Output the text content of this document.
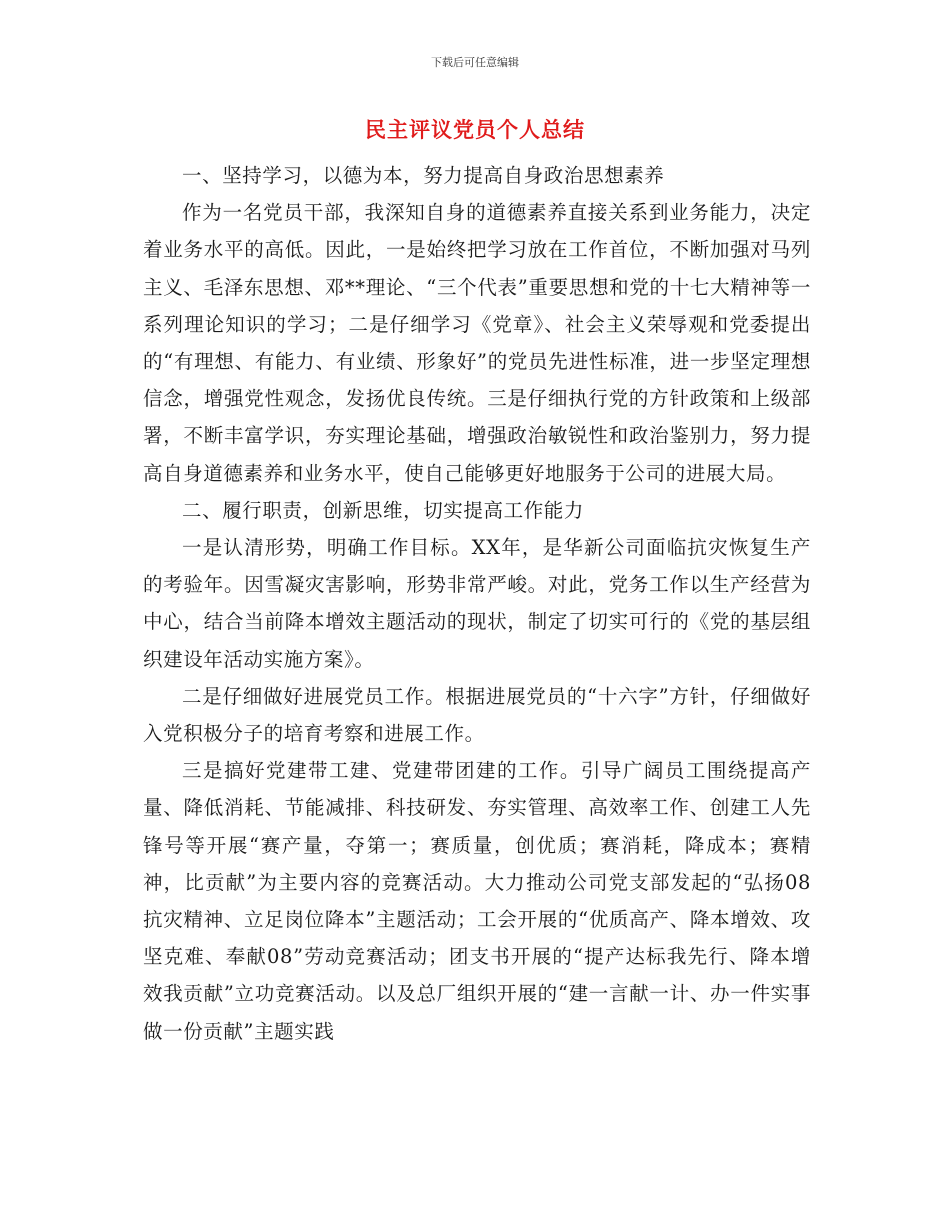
下载后可任意编辑
民主评议党员个人总结

一、坚持学习，以德为本，努力提高自身政治思想素养

作为一名党员干部，我深知自身的道德素养直接关系到业务能力，决定着业务水平的高低。因此，一是始终把学习放在工作首位，不断加强对马列主义、毛泽东思想、邓**理论、“三个代表”重要思想和党的十七大精神等一系列理论知识的学习；二是仔细学习《党章》、社会主义荣辱观和党委提出的“有理想、有能力、有业绩、形象好”的党员先进性标准，进一步坚定理想信念，增强党性观念，发扬优良传统。三是仔细执行党的方针政策和上级部署，不断丰富学识，夯实理论基础，增强政治敏锐性和政治鉴别力，努力提高自身道德素养和业务水平，使自己能够更好地服务于公司的进展大局。

二、履行职责，创新思维，切实提高工作能力

一是认清形势，明确工作目标。XX年，是华新公司面临抗灾恢复生产的考验年。因雪凝灾害影响，形势非常严峻。对此，党务工作以生产经营为中心，结合当前降本增效主题活动的现状，制定了切实可行的《党的基层组织建设年活动实施方案》。

二是仔细做好进展党员工作。根据进展党员的“十六字”方针，仔细做好入党积极分子的培育考察和进展工作。

三是搞好党建带工建、党建带团建的工作。引导广阔员工围绕提高产量、降低消耗、节能减排、科技研发、夯实管理、高效率工作、创建工人先锋号等开展“赛产量，夺第一；赛质量，创优质；赛消耗，降成本；赛精神，比贡献”为主要内容的竞赛活动。大力推动公司党支部发起的“弘扬08抗灾精神、立足岗位降本”主题活动；工会开展的“优质高产、降本增效、攻坚克难、奉献08”劳动竞赛活动；团支书开展的“提产达标我先行、降本增效我贡献”立功竞赛活动。以及总厂组织开展的“建一言献一计、办一件实事做一份贡献”主题实践
